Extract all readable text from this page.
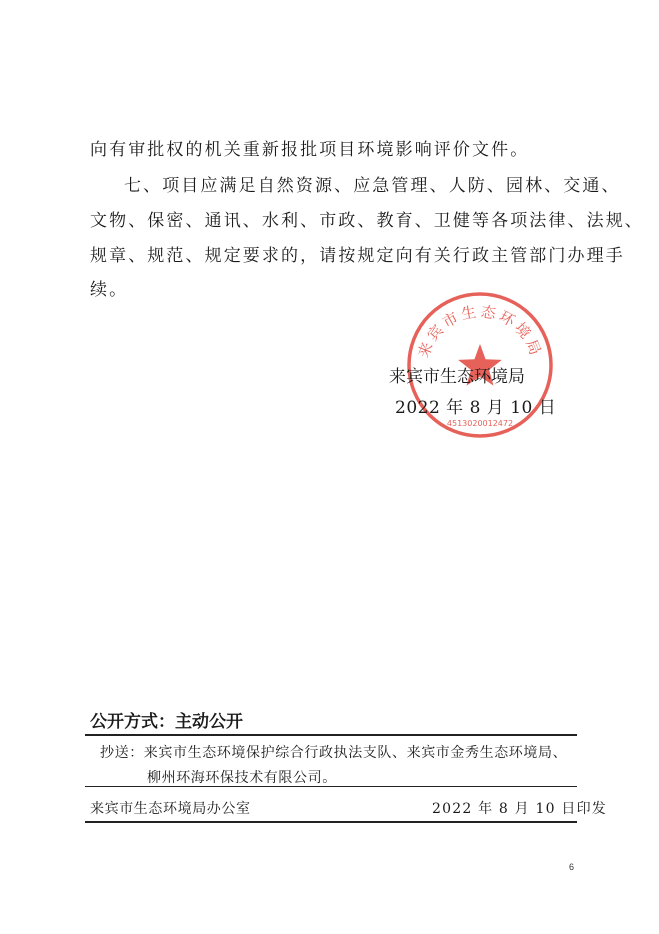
向有审批权的机关重新报批项目环境影响评价文件。
七、项目应满足自然资源、应急管理、人防、园林、交通、
文物、保密、通讯、水利、市政、教育、卫健等各项法律、法规、
规章、规范、规定要求的，请按规定向有关行政主管部门办理手
续。
来宾市生态环境局
4513020012472
来宾市生态环境局
2022 年 8 月 10 日
公开方式：主动公开
抄送：来宾市生态环境保护综合行政执法支队、来宾市金秀生态环境局、
柳州环海环保技术有限公司。
来宾市生态环境局办公室	2022 年 8 月 10 日印发
6
